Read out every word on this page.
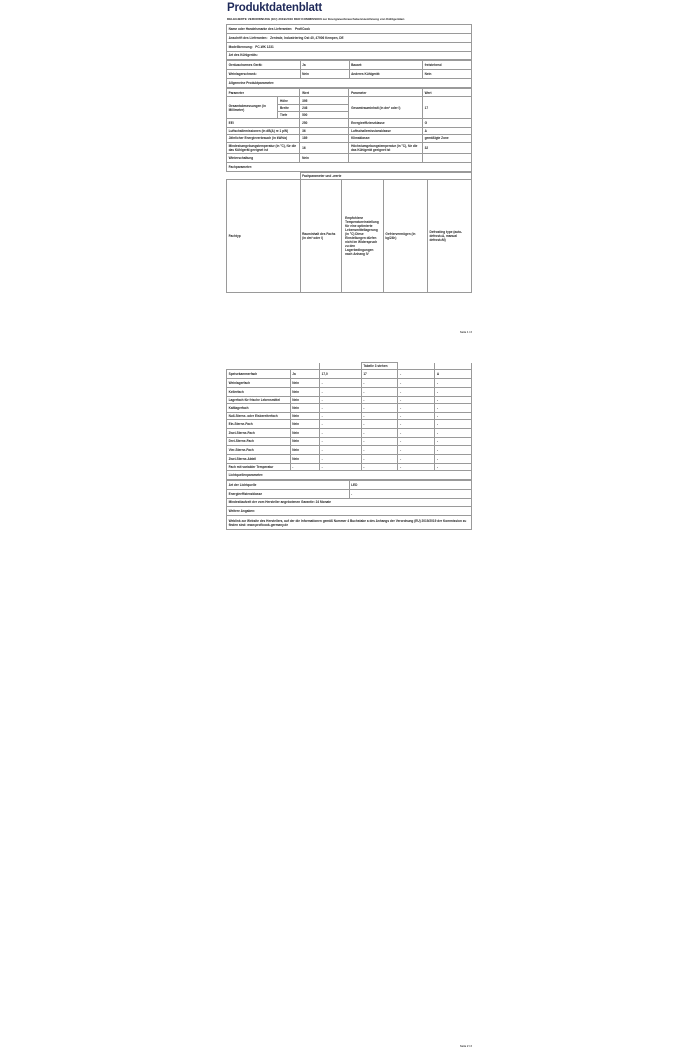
Produktdatenblatt
DELEGIERTE VERORDNUNG (EU) 2019/2016 DER KOMMISSION zur Energieverbrauchskennzeichnung von Kühlgeräten
Name oder Handelsmarke des Lieferanten: ProfiCook
Anschrift des Lieferanten: Zentrale, Industriering Ost 40, 47906 Kempen, DE
Modellkennung: PC-WK 1231
Art des Kühlgeräts:
Geräuscharmes Gerät:	Ja	Bauart:	freistehend
Weinlagerschrank:	Nein	Anderes Kühlgerät:	Nein
Allgemeine Produktparameter:			
Parameter		Wert	Parameter	Wert
Gesamtabmessungen (in Millimeter)	Höhe	395	Gesamtrauminhalt (in dm³ oder l)	17
	Breite	246		
	Tiefe	500		
EEI		250	Energieeffizienzklasse	G
Luftschallemissionen (in dB(A) re 1 pW)		36	Luftschallemissionsklasse	A
Jährlicher Energieverbrauch (in kWh/a)		189	Klimaklasse:	gemäßigte Zone
Mindestumgebungstemperatur (in °C), für die das Kühlgerät geeignet ist		16	Höchstumgebungstemperatur (in °C), für die das Kühlgerät geeignet ist	32
Winterschaltung		Nein		
Fachparameter:				
	Fachparameter und -werte			
Fachtyp	Rauminhalt des Fachs (in dm³ oder l)	Empfohlene Temperatureinstellung für eine optimierte Lebensmittellagerung (in °C) Diese Einstellungen dürfen nicht im Widerspruch zu den Lagerbedingungen nach Anhang IV	Gefriervermögen (in kg/24h)	Defrosting type (auto-defrost=A, manual defrost=M)
Seite 1 / 2
			Tabelle 3 stehen		
Speisekammerfach	Ja	17,0	17	-	A
Weinlagerfach	Nein	-	-	-	-
Kellerfach	Nein	-	-	-	-
Lagerfach für frische Lebensmittel	Nein	-	-	-	-
Kaltlagerfach	Nein	-	-	-	-
Null-Sterne- oder Eisbereiterfach	Nein	-	-	-	-
Ein-Sterne-Fach	Nein	-	-	-	-
Zwei-Sterne-Fach	Nein	-	-	-	-
Drei-Sterne-Fach	Nein	-	-	-	-
Vier-Sterne-Fach	Nein	-	-	-	-
Zwei-Sterne-Abteil	Nein	-	-	-	-
Fach mit variabler Temperatur	-	-	-	-	-
Lichtquellenparameter:					
Art der Lichtquelle	LED
Energieeffizienzklasse	-
Mindestlaufzeit der vom Hersteller angebotenen Garantie: 24 Monate	
Weitere Angaben:	
Weblink zur Website des Herstellers, auf der die Informationen gemäß Nummer 4 Buchstabe a des Anhangs der Verordnung (EU) 2019/2019 der Kommission zu finden sind: www.proficook-germany.de	
Seite 2 / 2
